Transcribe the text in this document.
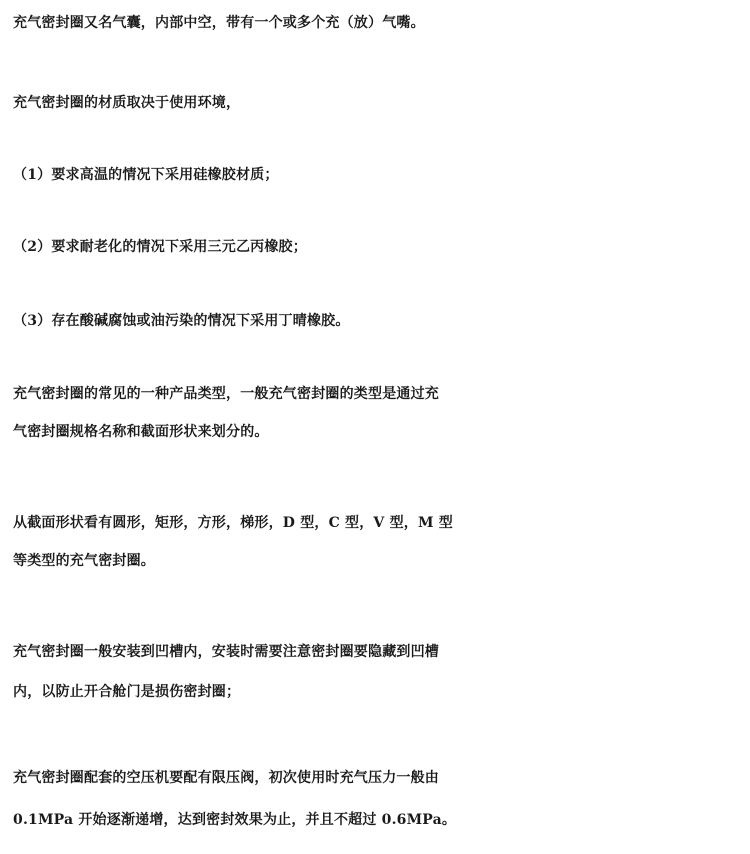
充气密封圈又名气囊，内部中空，带有一个或多个充（放）气嘴。

充气密封圈的材质取决于使用环境，

（1）要求高温的情况下采用硅橡胶材质；

（2）要求耐老化的情况下采用三元乙丙橡胶；

（3）存在酸碱腐蚀或油污染的情况下采用丁晴橡胶。

充气密封圈的常见的一种产品类型，一般充气密封圈的类型是通过充
气密封圈规格名称和截面形状来划分的。

从截面形状看有圆形，矩形，方形，梯形，D 型，C 型，V 型，M 型
等类型的充气密封圈。

充气密封圈一般安装到凹槽内，安装时需要注意密封圈要隐藏到凹槽
内，以防止开合舱门是损伤密封圈；

充气密封圈配套的空压机要配有限压阀，初次使用时充气压力一般由
0.1MPa 开始逐渐递增，达到密封效果为止，并且不超过 0.6MPa。
